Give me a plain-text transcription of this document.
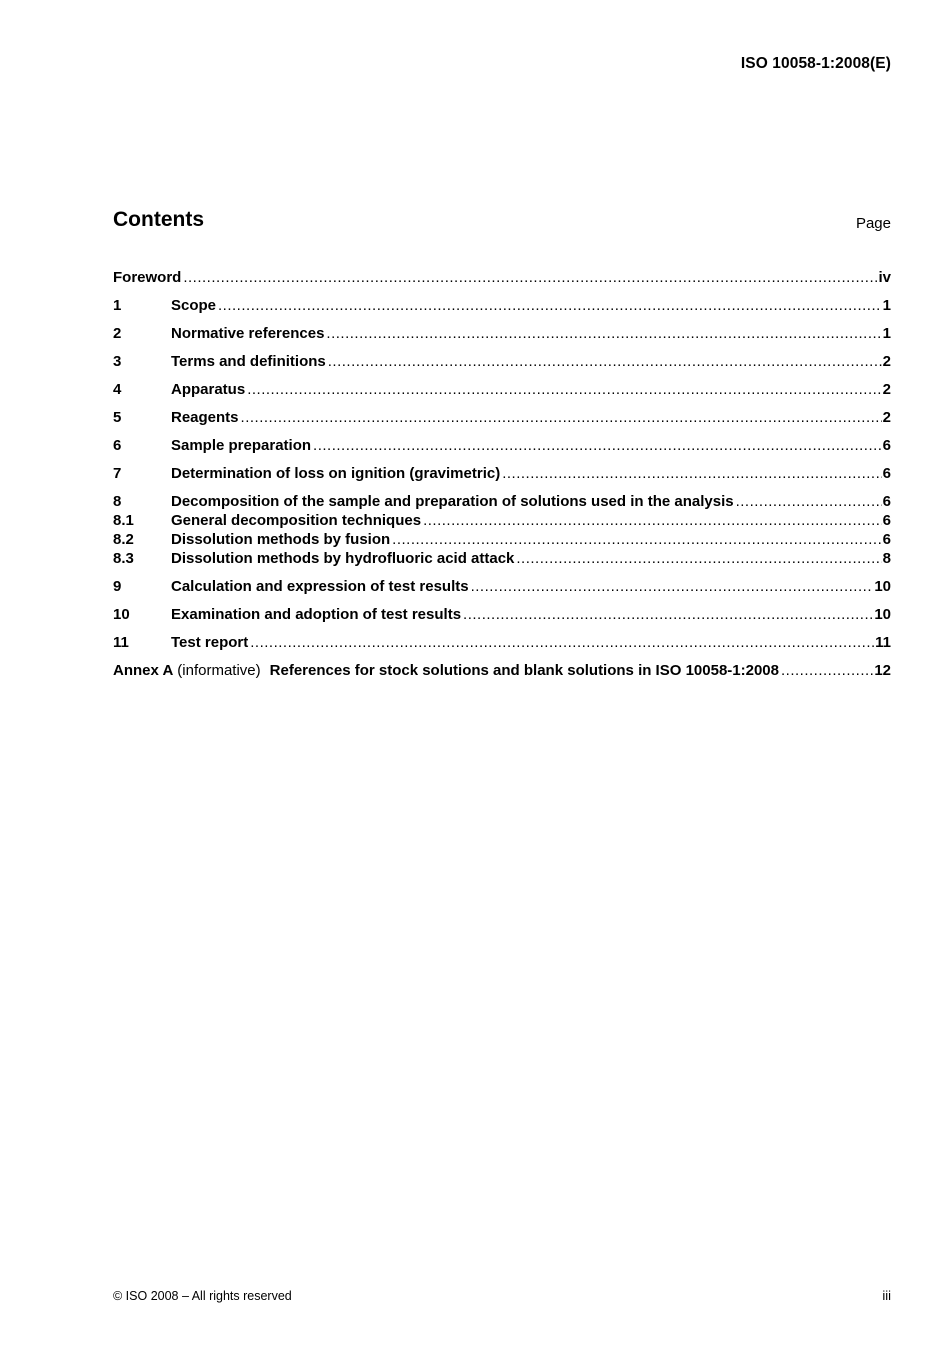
ISO 10058-1:2008(E)
Contents	Page
Foreword .....	iv
1	Scope .....	1
2	Normative references .....	1
3	Terms and definitions .....	2
4	Apparatus .....	2
5	Reagents .....	2
6	Sample preparation .....	6
7	Determination of loss on ignition (gravimetric) .....	6
8	Decomposition of the sample and preparation of solutions used in the analysis .....	6
8.1	General decomposition techniques .....	6
8.2	Dissolution methods by fusion .....	6
8.3	Dissolution methods by hydrofluoric acid attack .....	8
9	Calculation and expression of test results .....	10
10	Examination and adoption of test results .....	10
11	Test report .....	11
Annex A (informative) References for stock solutions and blank solutions in ISO 10058-1:2008 .....	12
© ISO 2008 – All rights reserved	iii
